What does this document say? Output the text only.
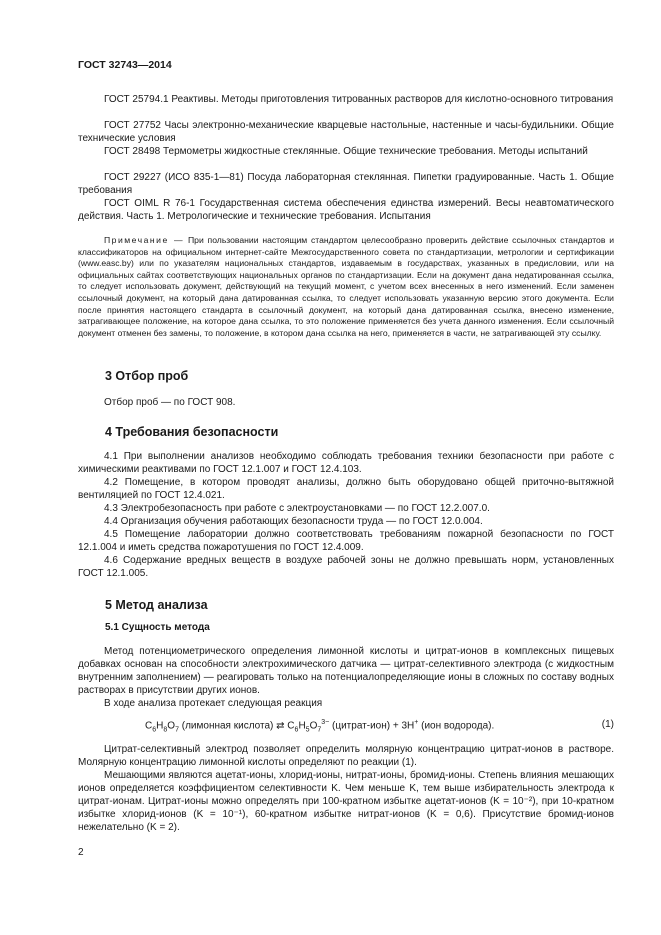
ГОСТ 32743—2014

ГОСТ 25794.1 Реактивы. Методы приготовления титрованных растворов для кислотно-основного титрования

ГОСТ 27752 Часы электронно-механические кварцевые настольные, настенные и часы-будильники. Общие технические условия

ГОСТ 28498 Термометры жидкостные стеклянные. Общие технические требования. Методы испытаний

ГОСТ 29227 (ИСО 835-1—81) Посуда лабораторная стеклянная. Пипетки градуированные. Часть 1. Общие требования

ГОСТ OIML R 76-1 Государственная система обеспечения единства измерений. Весы неавтоматического действия. Часть 1. Метрологические и технические требования. Испытания

Примечание — При пользовании настоящим стандартом целесообразно проверить действие ссылочных стандартов и классификаторов на официальном интернет-сайте Межгосударственного совета по стандартизации, метрологии и сертификации (www.easc.by) или по указателям национальных стандартов, издаваемым в государствах, указанных в предисловии, или на официальных сайтах соответствующих национальных органов по стандартизации. Если на документ дана недатированная ссылка, то следует использовать документ, действующий на текущий момент, с учетом всех внесенных в него изменений. Если заменен ссылочный документ, на который дана датированная ссылка, то следует использовать указанную версию этого документа. Если после принятия настоящего стандарта в ссылочный документ, на который дана датированная ссылка, внесено изменение, затрагивающее положение, на которое дана ссылка, то это положение применяется без учета данного изменения. Если ссылочный документ отменен без замены, то положение, в котором дана ссылка на него, применяется в части, не затрагивающей эту ссылку.

3 Отбор проб

Отбор проб — по ГОСТ 908.

4 Требования безопасности

4.1 При выполнении анализов необходимо соблюдать требования техники безопасности при работе с химическими реактивами по ГОСТ 12.1.007 и ГОСТ 12.4.103.

4.2 Помещение, в котором проводят анализы, должно быть оборудовано общей приточно-вытяжной вентиляцией по ГОСТ 12.4.021.

4.3 Электробезопасность при работе с электроустановками — по ГОСТ 12.2.007.0.

4.4 Организация обучения работающих безопасности труда — по ГОСТ 12.0.004.

4.5 Помещение лаборатории должно соответствовать требованиям пожарной безопасности по ГОСТ 12.1.004 и иметь средства пожаротушения по ГОСТ 12.4.009.

4.6 Содержание вредных веществ в воздухе рабочей зоны не должно превышать норм, установленных ГОСТ 12.1.005.

5 Метод анализа
5.1 Сущность метода

Метод потенциометрического определения лимонной кислоты и цитрат-ионов в комплексных пищевых добавках основан на способности электрохимического датчика — цитрат-селективного электрода (с жидкостным внутренним заполнением) — реагировать только на потенциалопределяющие ионы в сложных по составу водных растворах в присутствии других ионов.

В ходе анализа протекает следующая реакция

$C_6H_8O_7$ (лимонная кислота) ⇄ $C_6H_5O_7^{3-}$ (цитрат-ион) + 3H+ (ион водорода).	(1)

Цитрат-селективный электрод позволяет определить молярную концентрацию цитрат-ионов в растворе. Молярную концентрацию лимонной кислоты определяют по реакции (1).

Мешающими являются ацетат-ионы, хлорид-ионы, нитрат-ионы, бромид-ионы. Степень влияния мешающих ионов определяется коэффициентом селективности K. Чем меньше K, тем выше избирательность электрода к цитрат-ионам. Цитрат-ионы можно определять при 100-кратном избытке ацетат-ионов (K = 10⁻²), при 10-кратном избытке хлорид-ионов (K = 10⁻¹), 60-кратном избытке нитрат-ионов (K = 0,6). Присутствие бромид-ионов нежелательно (K = 2).

2
